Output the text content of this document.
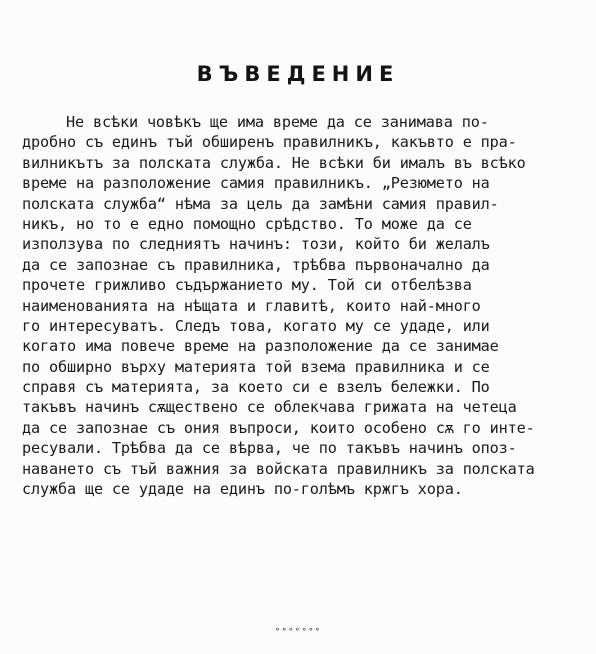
ВЪВЕДЕНИЕ
Не всѣки човѣкъ ще има време да се занимава по-
дробно съ единъ тъй обширенъ правилникъ, какъвто е пра-
вилникътъ за полската служба. Не всѣки би ималъ въ всѣко
време на разположение самия правилникъ. „Резюмето на
полската служба“ нѣма за цель да замѣни самия правил-
никъ, но то е едно помощно срѣдство. То може да се
използува по следниятъ начинъ: този, който би желалъ
да се запознае съ правилника, трѣбва първоначално да
прочете грижливо съдържанието му. Той си отбелѣзва
наименованията на нѣщата и главитѣ, които най-много
го интересуватъ. Следъ това, когато му се удаде, или
когато има повече време на разположение да се занимае
по обширно върху материята той взема правилника и се
справя съ материята, за което си е взелъ бележки. По
такъвъ начинъ сѫществено се облекчава грижата на четеца
да се запознае съ ония въпроси, които особено сѫ го инте-
ресували. Трѣбва да се вѣрва, че по такъвъ начинъ опоз-
наването съ тъй важния за войската правилникъ за полската
служба ще се удаде на единъ по-голѣмъ кржгъ хора.
∘∘∘∘∘∘∘
